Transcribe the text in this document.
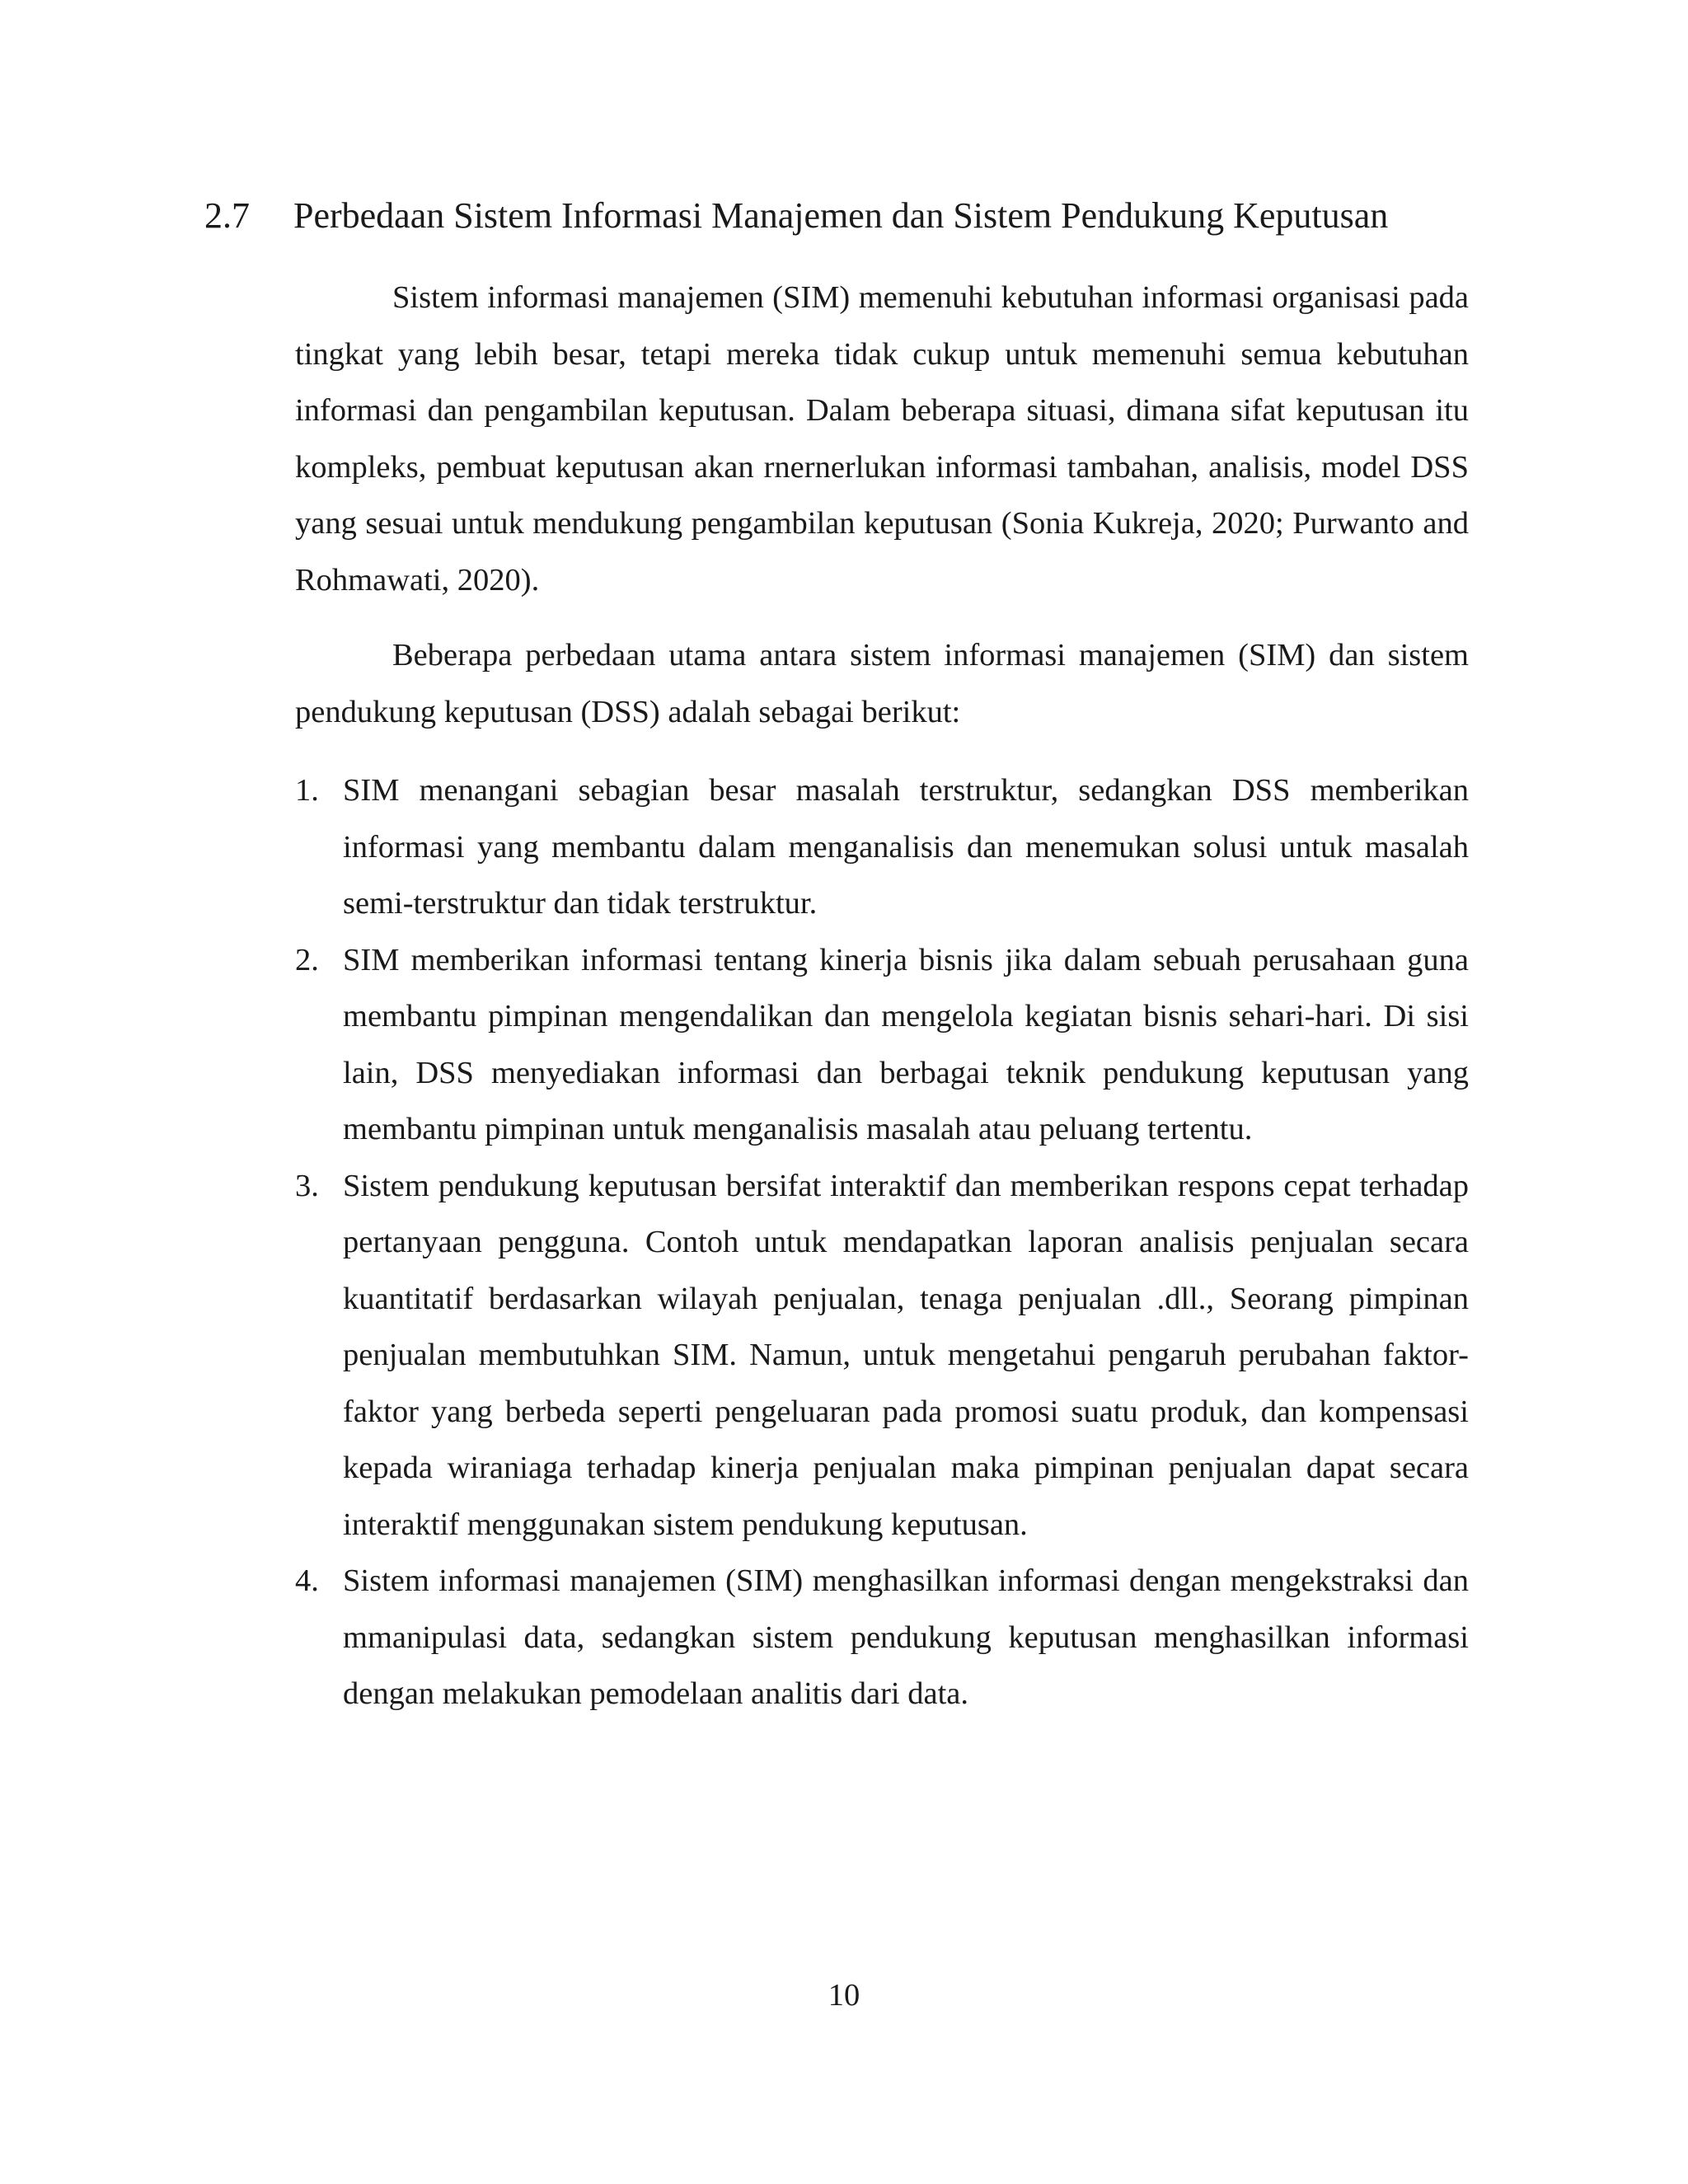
2.7 Perbedaan Sistem Informasi Manajemen dan Sistem Pendukung Keputusan

Sistem informasi manajemen (SIM) memenuhi kebutuhan informasi organisasi pada tingkat yang lebih besar, tetapi mereka tidak cukup untuk memenuhi semua kebutuhan informasi dan pengambilan keputusan. Dalam beberapa situasi, dimana sifat keputusan itu kompleks, pembuat keputusan akan rnernerlukan informasi tambahan, analisis, model DSS yang sesuai untuk mendukung pengambilan keputusan (Sonia Kukreja, 2020; Purwanto and Rohmawati, 2020).

Beberapa perbedaan utama antara sistem informasi manajemen (SIM) dan sistem pendukung keputusan (DSS) adalah sebagai berikut:

1. SIM menangani sebagian besar masalah terstruktur, sedangkan DSS memberikan informasi yang membantu dalam menganalisis dan menemukan solusi untuk masalah semi-terstruktur dan tidak terstruktur.
2. SIM memberikan informasi tentang kinerja bisnis jika dalam sebuah perusahaan guna membantu pimpinan mengendalikan dan mengelola kegiatan bisnis sehari-hari. Di sisi lain, DSS menyediakan informasi dan berbagai teknik pendukung keputusan yang membantu pimpinan untuk menganalisis masalah atau peluang tertentu.
3. Sistem pendukung keputusan bersifat interaktif dan memberikan respons cepat terhadap pertanyaan pengguna. Contoh untuk mendapatkan laporan analisis penjualan secara kuantitatif berdasarkan wilayah penjualan, tenaga penjualan .dll., Seorang pimpinan penjualan membutuhkan SIM. Namun, untuk mengetahui pengaruh perubahan faktor-faktor yang berbeda seperti pengeluaran pada promosi suatu produk, dan kompensasi kepada wiraniaga terhadap kinerja penjualan maka pimpinan penjualan dapat secara interaktif menggunakan sistem pendukung keputusan.
4. Sistem informasi manajemen (SIM) menghasilkan informasi dengan mengekstraksi dan mmanipulasi data, sedangkan sistem pendukung keputusan menghasilkan informasi dengan melakukan pemodelaan analitis dari data.
10
